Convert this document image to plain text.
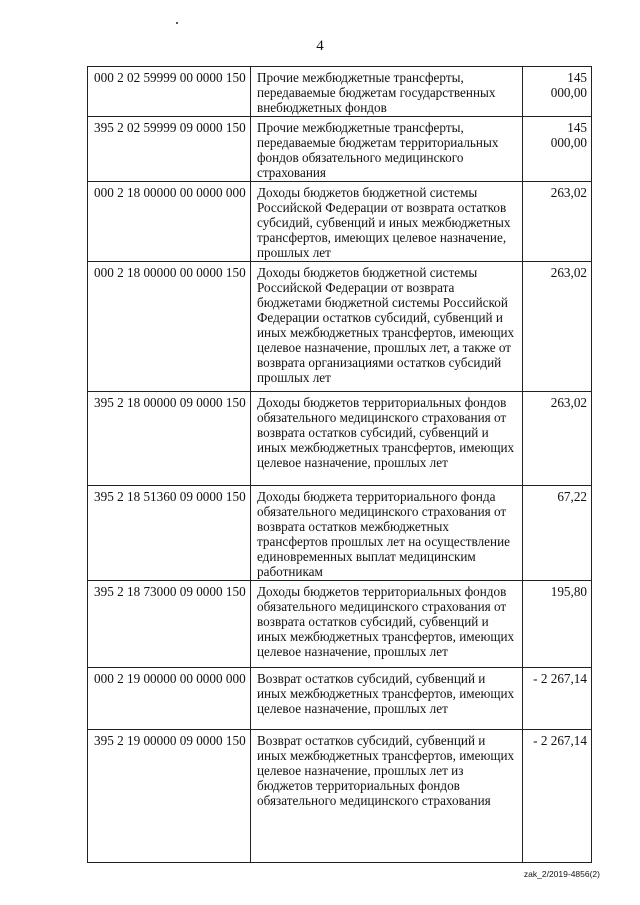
4
000 2 02 59999 00 0000 150	Прочие межбюджетные трансферты, передаваемые бюджетам государственных внебюджетных фондов	145 000,00
395 2 02 59999 09 0000 150	Прочие межбюджетные трансферты, передаваемые бюджетам территориальных фондов обязательного медицинского страхования	145 000,00
000 2 18 00000 00 0000 000	Доходы бюджетов бюджетной системы Российской Федерации от возврата остатков субсидий, субвенций и иных межбюджетных трансфертов, имеющих целевое назначение, прошлых лет	263,02
000 2 18 00000 00 0000 150	Доходы бюджетов бюджетной системы Российской Федерации от возврата бюджетами бюджетной системы Российской Федерации остатков субсидий, субвенций и иных межбюджетных трансфертов, имеющих целевое назначение, прошлых лет, а также от возврата организациями остатков субсидий прошлых лет	263,02
395 2 18 00000 09 0000 150	Доходы бюджетов территориальных фондов обязательного медицинского страхования от возврата остатков субсидий, субвенций и иных межбюджетных трансфертов, имеющих целевое назначение, прошлых лет	263,02
395 2 18 51360 09 0000 150	Доходы бюджета территориального фонда обязательного медицинского страхования от возврата остатков межбюджетных трансфертов прошлых лет на осуществление единовременных выплат медицинским работникам	67,22
395 2 18 73000 09 0000 150	Доходы бюджетов территориальных фондов обязательного медицинского страхования от возврата остатков субсидий, субвенций и иных межбюджетных трансфертов, имеющих целевое назначение, прошлых лет	195,80
000 2 19 00000 00 0000 000	Возврат остатков субсидий, субвенций и иных межбюджетных трансфертов, имеющих целевое назначение, прошлых лет	- 2 267,14
395 2 19 00000 09 0000 150	Возврат остатков субсидий, субвенций и иных межбюджетных трансфертов, имеющих целевое назначение, прошлых лет из бюджетов территориальных фондов обязательного медицинского страхования	- 2 267,14
zak_2/2019-4856(2)
